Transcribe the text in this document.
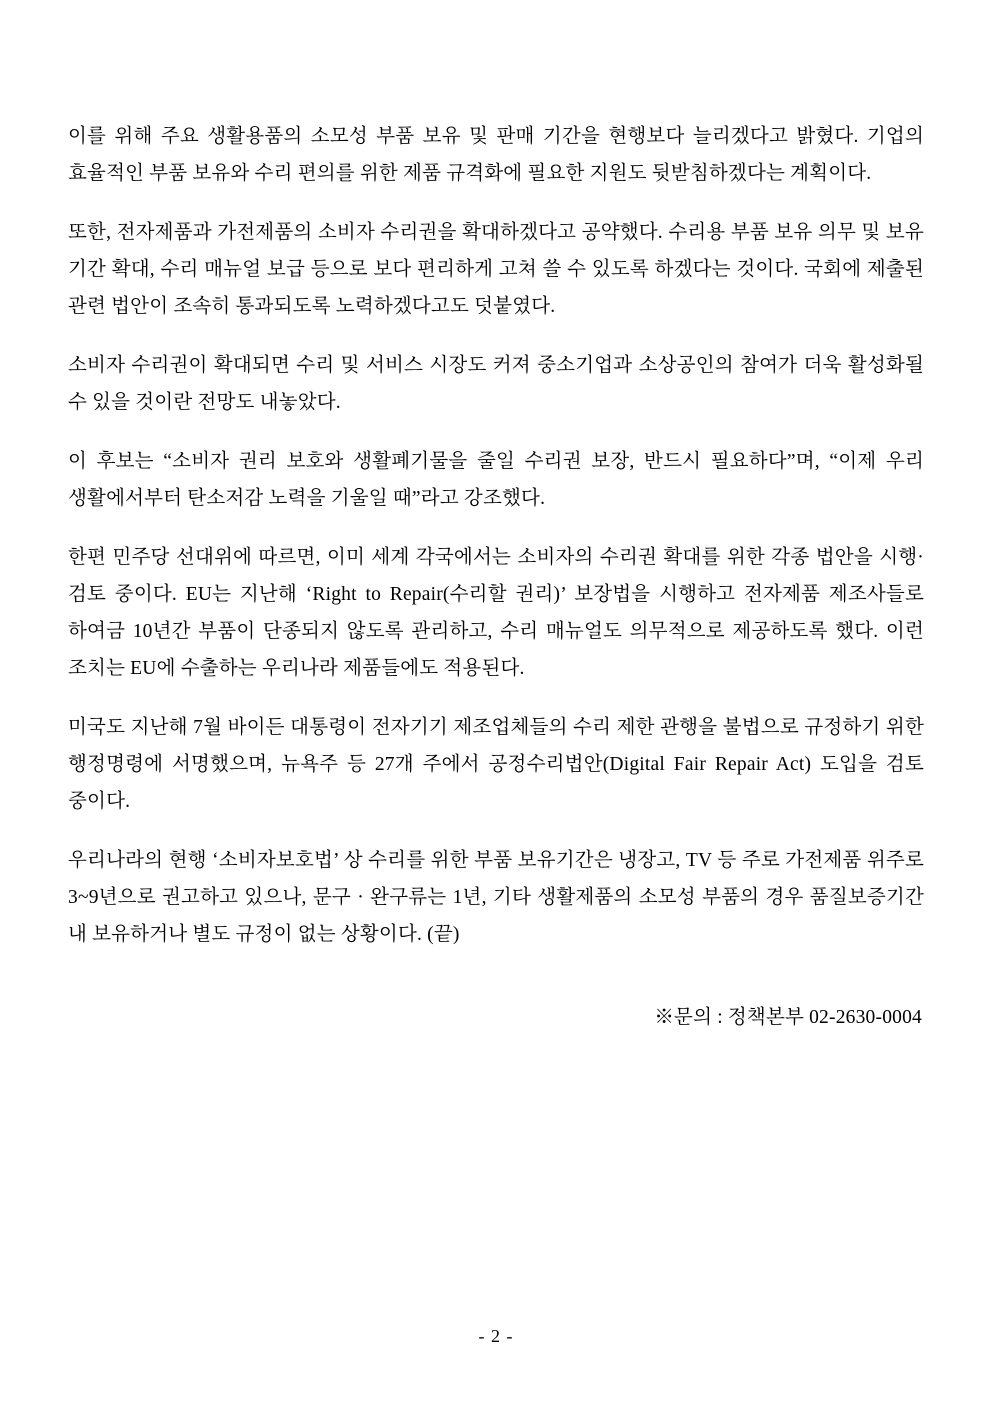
이를 위해 주요 생활용품의 소모성 부품 보유 및 판매 기간을 현행보다 늘리겠다고 밝혔다. 기업의 효율적인 부품 보유와 수리 편의를 위한 제품 규격화에 필요한 지원도 뒷받침하겠다는 계획이다.

또한, 전자제품과 가전제품의 소비자 수리권을 확대하겠다고 공약했다. 수리용 부품 보유 의무 및 보유 기간 확대, 수리 매뉴얼 보급 등으로 보다 편리하게 고쳐 쓸 수 있도록 하겠다는 것이다. 국회에 제출된 관련 법안이 조속히 통과되도록 노력하겠다고도 덧붙였다.

소비자 수리권이 확대되면 수리 및 서비스 시장도 커져 중소기업과 소상공인의 참여가 더욱 활성화될 수 있을 것이란 전망도 내놓았다.

이 후보는 “소비자 권리 보호와 생활폐기물을 줄일 수리권 보장, 반드시 필요하다”며, “이제 우리 생활에서부터 탄소저감 노력을 기울일 때”라고 강조했다.

한편 민주당 선대위에 따르면, 이미 세계 각국에서는 소비자의 수리권 확대를 위한 각종 법안을 시행·검토 중이다. EU는 지난해 ‘Right to Repair(수리할 권리)’ 보장법을 시행하고 전자제품 제조사들로 하여금 10년간 부품이 단종되지 않도록 관리하고, 수리 매뉴얼도 의무적으로 제공하도록 했다. 이런 조치는 EU에 수출하는 우리나라 제품들에도 적용된다.

미국도 지난해 7월 바이든 대통령이 전자기기 제조업체들의 수리 제한 관행을 불법으로 규정하기 위한 행정명령에 서명했으며, 뉴욕주 등 27개 주에서 공정수리법안(Digital Fair Repair Act) 도입을 검토 중이다.

우리나라의 현행 ‘소비자보호법’ 상 수리를 위한 부품 보유기간은 냉장고, TV 등 주로 가전제품 위주로 3~9년으로 권고하고 있으나, 문구 · 완구류는 1년, 기타 생활제품의 소모성 부품의 경우 품질보증기간 내 보유하거나 별도 규정이 없는 상황이다. (끝)

※문의 : 정책본부 02-2630-0004
- 2 -
